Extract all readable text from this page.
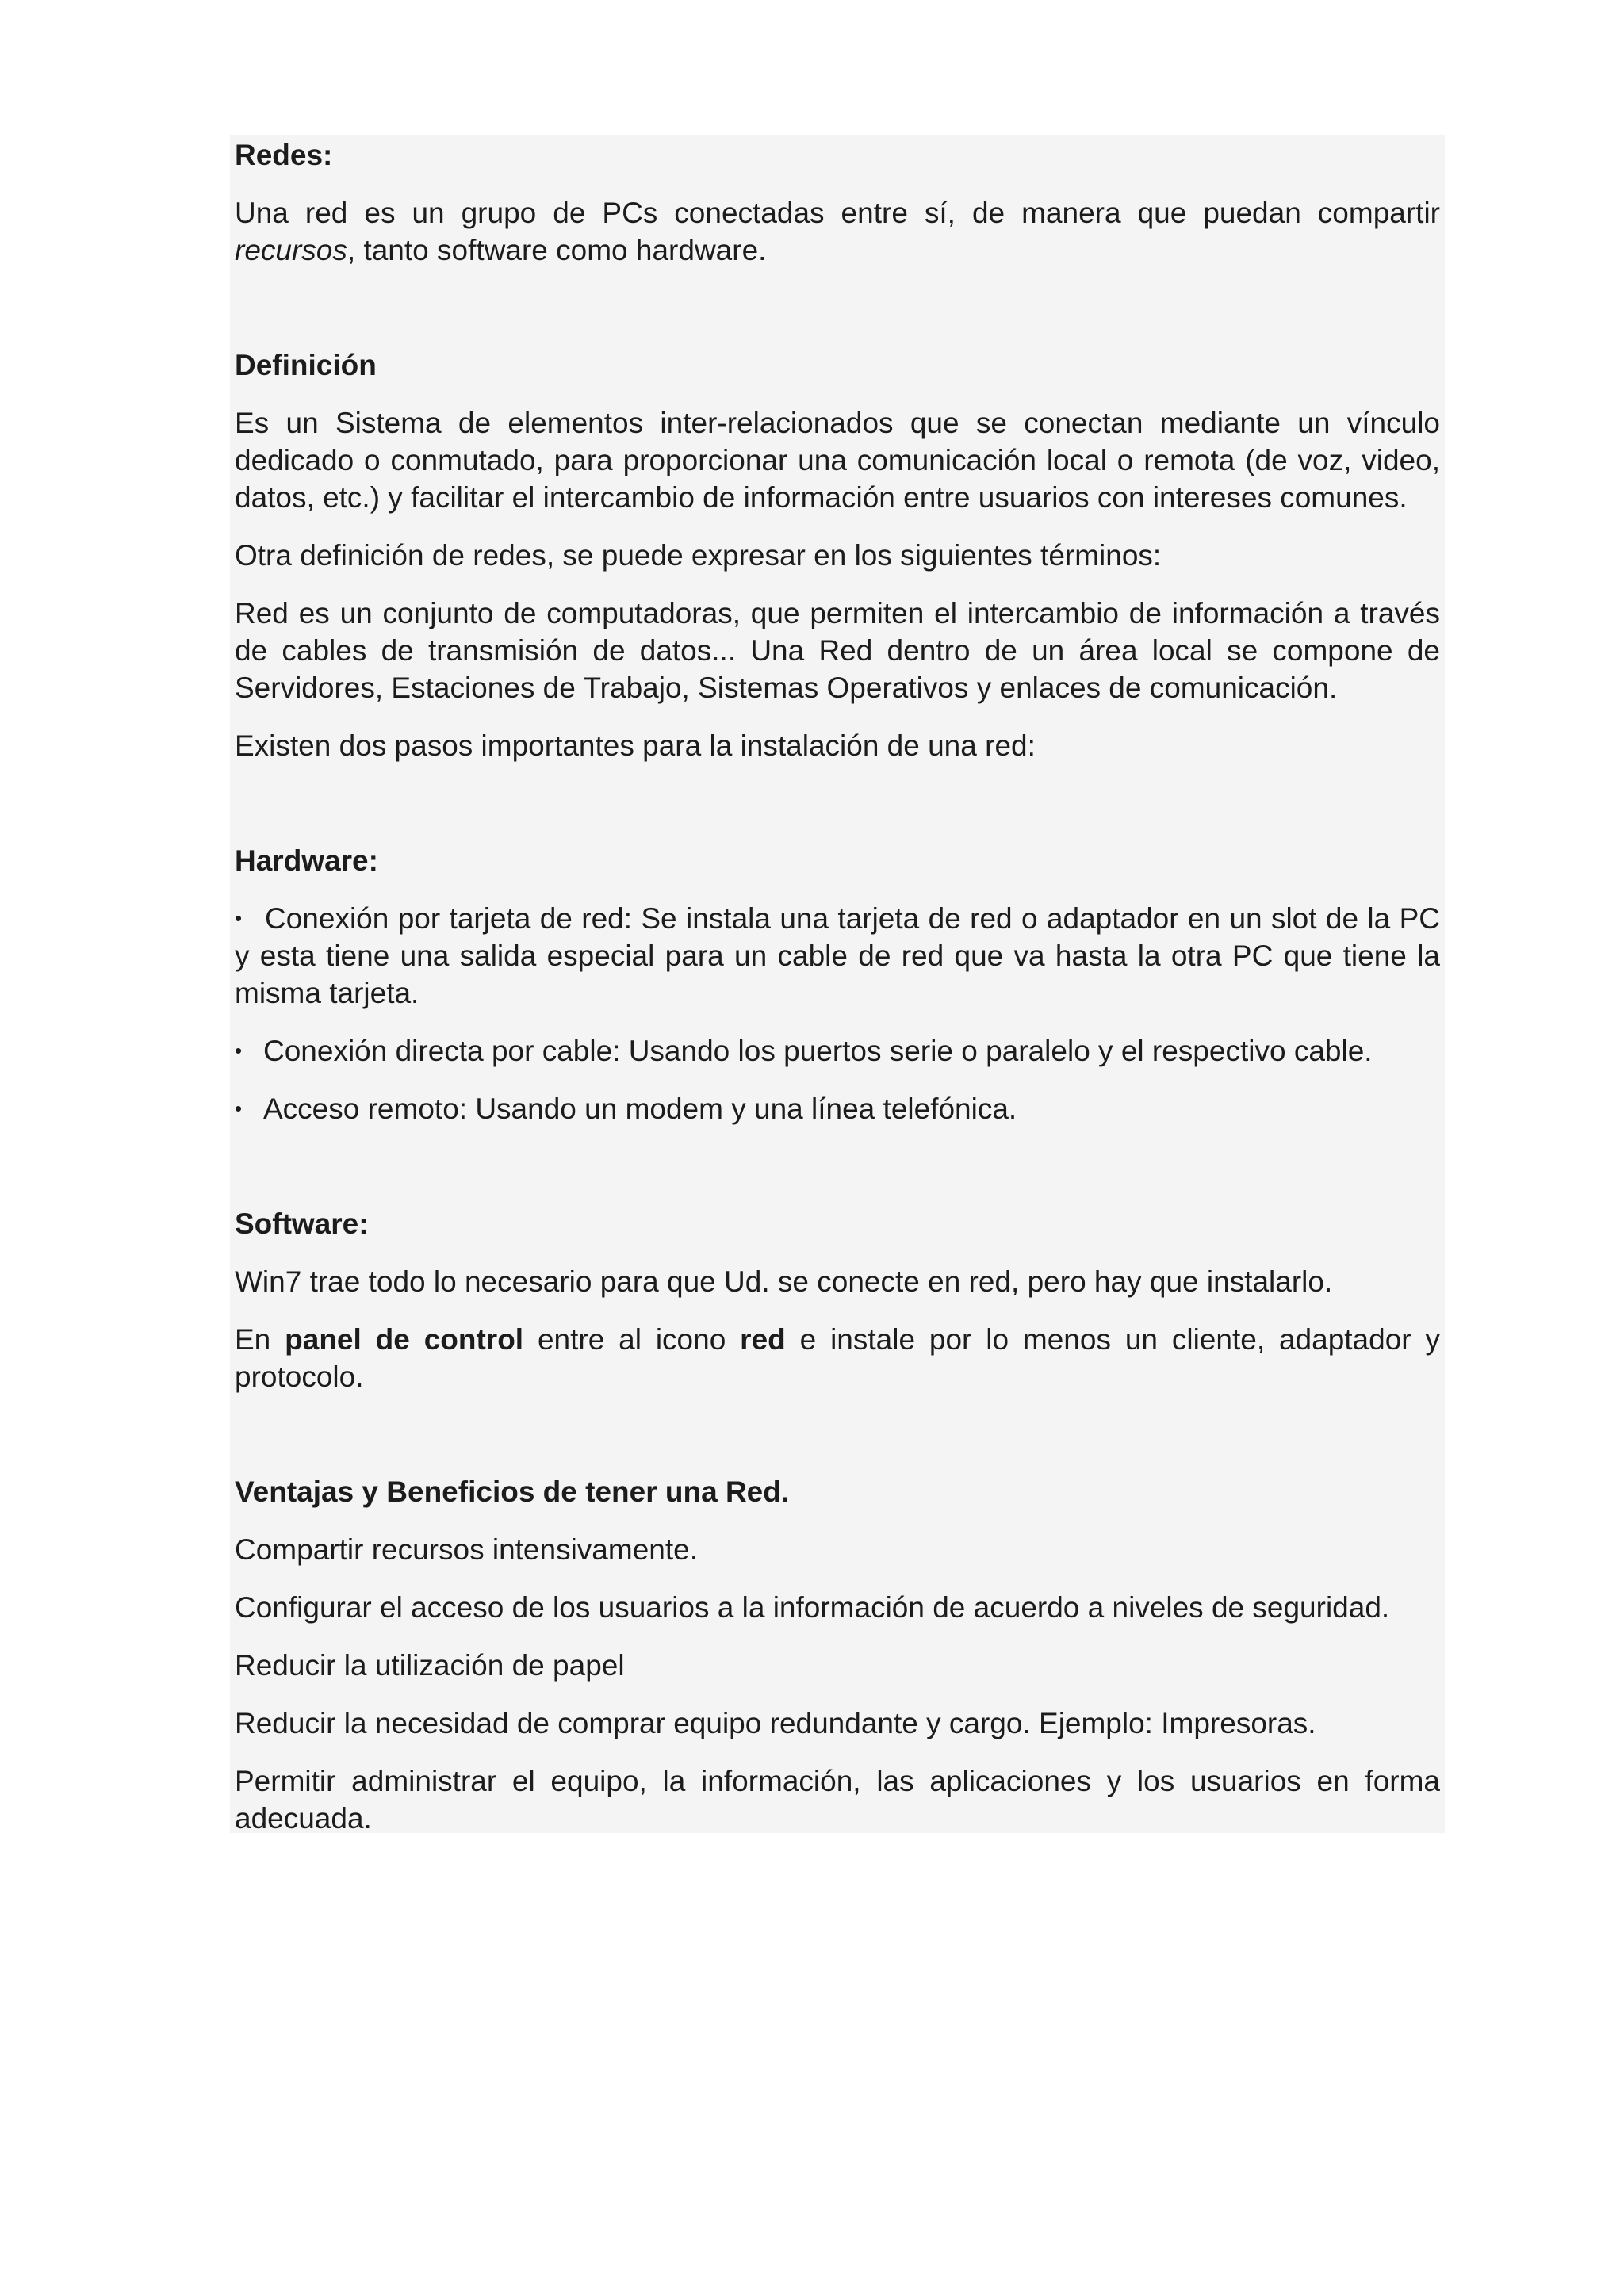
Redes:

Una red es un grupo de PCs conectadas entre sí, de manera que puedan compartir recursos, tanto software como hardware.

Definición

Es un Sistema de elementos inter-relacionados que se conectan mediante un vínculo dedicado o conmutado, para proporcionar una comunicación local o remota (de voz, video, datos, etc.) y facilitar el intercambio de información entre usuarios con intereses comunes.

Otra definición de redes, se puede expresar en los siguientes términos:

Red es un conjunto de computadoras, que permiten el intercambio de información a través de cables de transmisión de datos... Una Red dentro de un área local se compone de Servidores, Estaciones de Trabajo, Sistemas Operativos y enlaces de comunicación.

Existen dos pasos importantes para la instalación de una red:

Hardware:
• Conexión por tarjeta de red: Se instala una tarjeta de red o adaptador en un slot de la PC y esta tiene una salida especial para un cable de red que va hasta la otra PC que tiene la misma tarjeta.
• Conexión directa por cable: Usando los puertos serie o paralelo y el respectivo cable.
• Acceso remoto: Usando un modem y una línea telefónica.
Software:

Win7 trae todo lo necesario para que Ud. se conecte en red, pero hay que instalarlo.

En panel de control entre al icono red e instale por lo menos un cliente, adaptador y protocolo.

Ventajas y Beneficios de tener una Red.

Compartir recursos intensivamente.

Configurar el acceso de los usuarios a la información de acuerdo a niveles de seguridad.

Reducir la utilización de papel

Reducir la necesidad de comprar equipo redundante y cargo. Ejemplo: Impresoras.

Permitir administrar el equipo, la información, las aplicaciones y los usuarios en forma adecuada.
